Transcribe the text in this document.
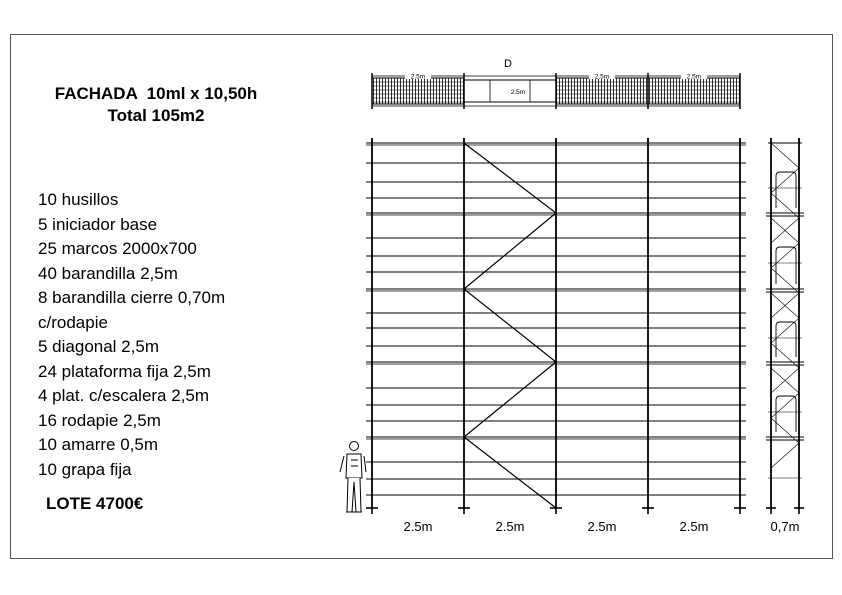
FACHADA  10ml x 10,50h
Total 105m2
10 husillos
5 iniciador base
25 marcos 2000x700
40 barandilla 2,5m
8 barandilla cierre 0,70m
c/rodapie
5 diagonal 2,5m
24 plataforma fija 2,5m
4 plat. c/escalera 2,5m
16 rodapie 2,5m
10 amarre 0,5m
10 grapa fija
LOTE 4700€
2.5m	2.5m	2.5m
2.5m
D
2.5m	2.5m	2.5m	2.5m	0,7m
